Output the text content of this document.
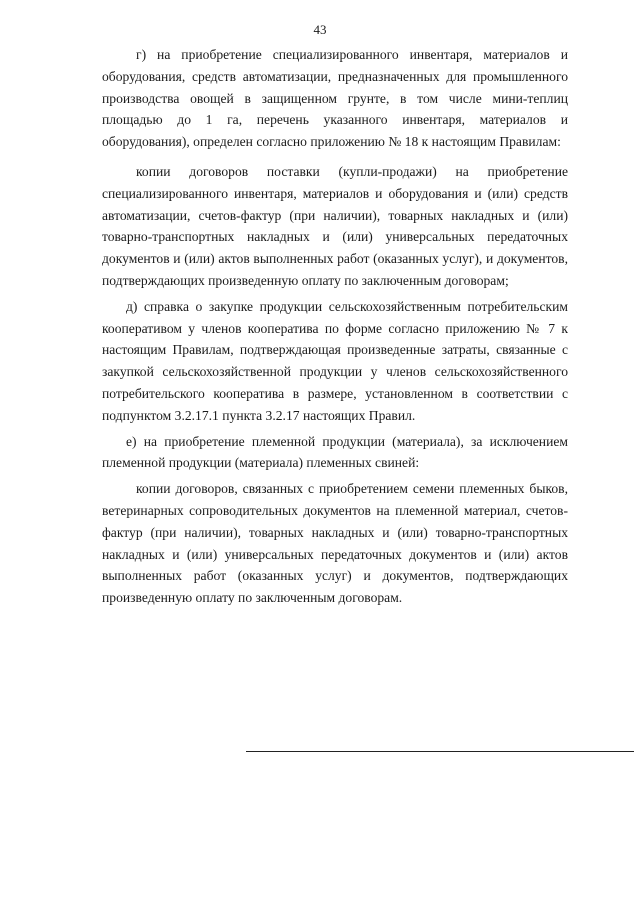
43

г) на приобретение специализированного инвентаря, материалов и оборудования, средств автоматизации, предназначенных для промышленного производства овощей в защищенном грунте, в том числе мини-теплиц площадью до 1 га, перечень указанного инвентаря, материалов и оборудования), определен согласно приложению № 18 к настоящим Правилам:

копии договоров поставки (купли-продажи) на приобретение специализированного инвентаря, материалов и оборудования и (или) средств автоматизации, счетов-фактур (при наличии), товарных накладных и (или) товарно-транспортных накладных и (или) универсальных передаточных документов и (или) актов выполненных работ (оказанных услуг), и документов, подтверждающих произведенную оплату по заключенным договорам;

д) справка о закупке продукции сельскохозяйственным потребительским кооперативом у членов кооператива по форме согласно приложению № 7 к настоящим Правилам, подтверждающая произведенные затраты, связанные с закупкой сельскохозяйственной продукции у членов сельскохозяйственного потребительского кооператива в размере, установленном в соответствии с подпунктом 3.2.17.1 пункта 3.2.17 настоящих Правил.

е) на приобретение племенной продукции (материала), за исключением племенной продукции (материала) племенных свиней:

копии договоров, связанных с приобретением семени племенных быков, ветеринарных сопроводительных документов на племенной материал, счетов-фактур (при наличии), товарных накладных и (или) товарно-транспортных накладных и (или) универсальных передаточных документов и (или) актов выполненных работ (оказанных услуг) и документов, подтверждающих произведенную оплату по заключенным договорам.
